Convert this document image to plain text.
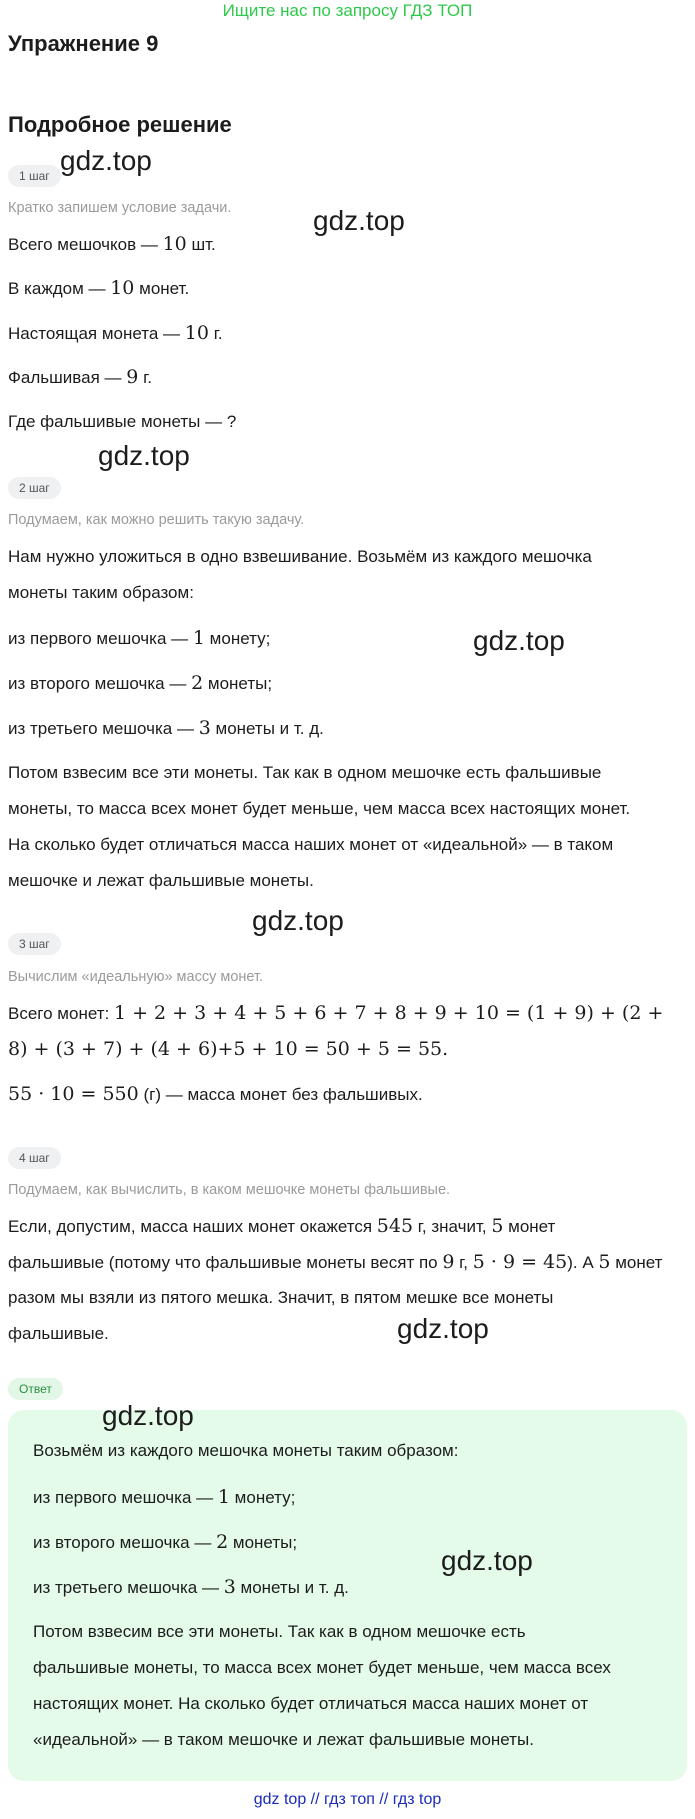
Ищите нас по запросу ГДЗ ТОП
Упражнение 9
Подробное решение
1 шаг
Кратко запишем условие задачи.
Всего мешочков — 10 шт.
В каждом — 10 монет.
Настоящая монета — 10 г.
Фальшивая — 9 г.
Где фальшивые монеты — ?
2 шаг
Подумаем, как можно решить такую задачу.
Нам нужно уложиться в одно взвешивание. Возьмём из каждого мешочка
монеты таким образом:
из первого мешочка — 1 монету;
из второго мешочка — 2 монеты;
из третьего мешочка — 3 монеты и т. д.
Потом взвесим все эти монеты. Так как в одном мешочке есть фальшивые
монеты, то масса всех монет будет меньше, чем масса всех настоящих монет.
На сколько будет отличаться масса наших монет от «идеальной» — в таком
мешочке и лежат фальшивые монеты.
3 шаг
Вычислим «идеальную» массу монет.
Всего монет: 1 + 2 + 3 + 4 + 5 + 6 + 7 + 8 + 9 + 10 = (1 + 9) + (2 +
8) + (3 + 7) + (4 + 6)+5 + 10 = 50 + 5 = 55.
55 · 10 = 550 (г) — масса монет без фальшивых.
4 шаг
Подумаем, как вычислить, в каком мешочке монеты фальшивые.
Если, допустим, масса наших монет окажется 545 г, значит, 5 монет
фальшивые (потому что фальшивые монеты весят по 9 г, 5 · 9 = 45). А 5 монет
разом мы взяли из пятого мешка. Значит, в пятом мешке все монеты
фальшивые.
Ответ
Возьмём из каждого мешочка монеты таким образом:
из первого мешочка — 1 монету;
из второго мешочка — 2 монеты;
из третьего мешочка — 3 монеты и т. д.
Потом взвесим все эти монеты. Так как в одном мешочке есть
фальшивые монеты, то масса всех монет будет меньше, чем масса всех
настоящих монет. На сколько будет отличаться масса наших монет от
«идеальной» — в таком мешочке и лежат фальшивые монеты.
gdz.top
gdz.top
gdz.top
gdz.top
gdz.top
gdz.top
gdz.top
gdz.top
gdz top // гдз топ // гдз top
